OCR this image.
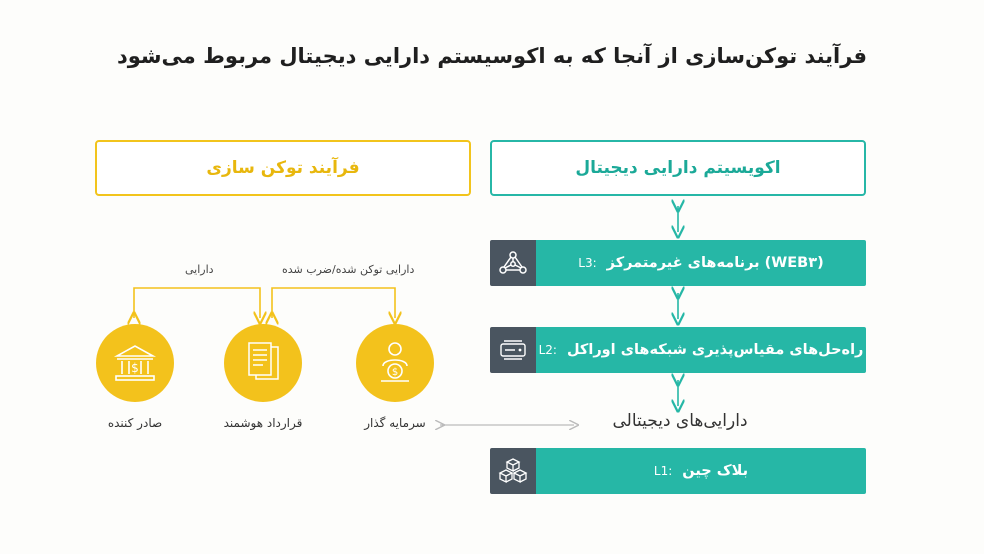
فرآیند توکن‌سازی از آنجا که به اکوسیستم دارایی دیجیتال مربوط می‌شود
فرآیند توکن سازی	اکویسیتم دارایی دیجیتال
دارایی	دارایی توکن شده/ضرب شده	(WEB۳) برنامه‌های غیرمتمرکز
L3:
راه‌حل‌های مقیاس‌پذیری شبکه‌های اوراکل
L2:
دارایی‌های دیجیتالی
بلاک چین
L1:
$	$
صادر کننده	قرارداد هوشمند	سرمایه گذار
